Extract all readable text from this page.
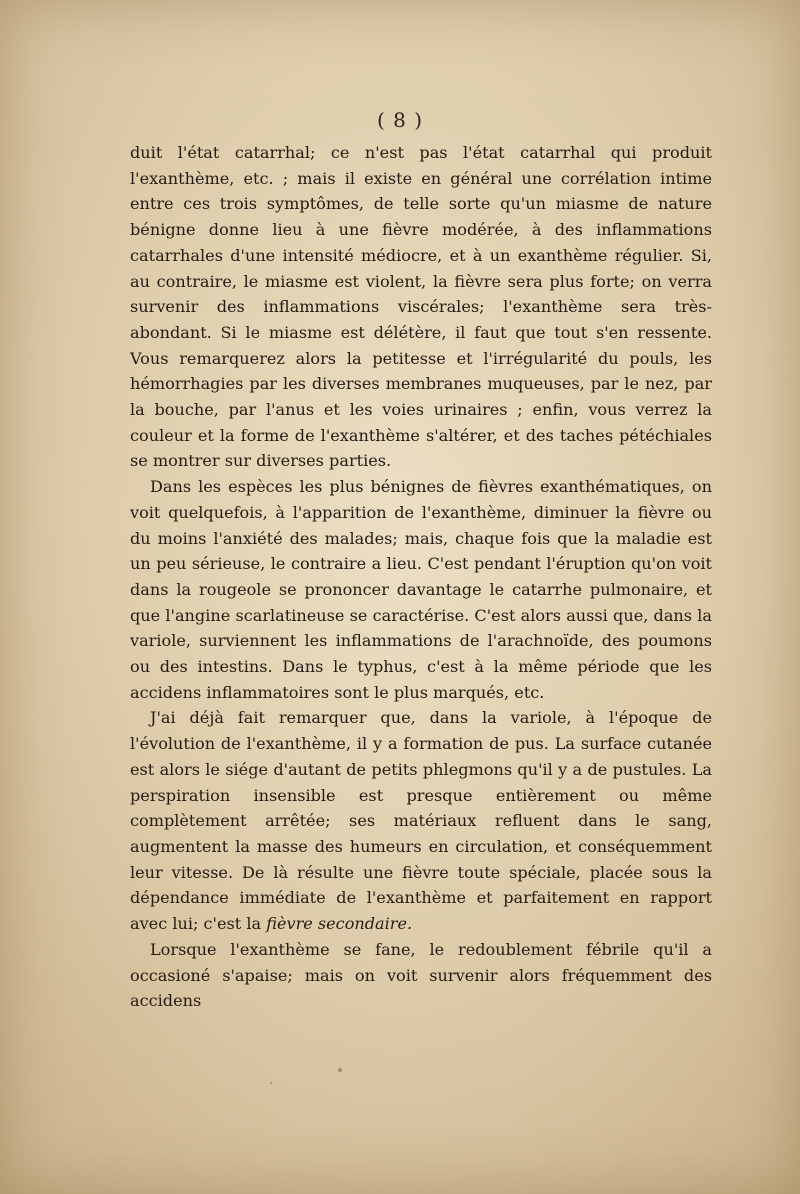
( 8 )

duit l'état catarrhal; ce n'est pas l'état catarrhal qui produit l'exanthème, etc. ; mais il existe en général une corrélation intime entre ces trois symptômes, de telle sorte qu'un miasme de nature bénigne donne lieu à une fièvre modérée, à des inflammations catarrhales d'une intensité médiocre, et à un exanthème régulier. Si, au contraire, le miasme est violent, la fièvre sera plus forte; on verra survenir des inflammations viscérales; l'exanthème sera très-abondant. Si le miasme est délétère, il faut que tout s'en ressente. Vous remarquerez alors la petitesse et l'irrégularité du pouls, les hémorrhagies par les diverses membranes muqueuses, par le nez, par la bouche, par l'anus et les voies urinaires ; enfin, vous verrez la couleur et la forme de l'exanthème s'altérer, et des taches pétéchiales se montrer sur diverses parties.

Dans les espèces les plus bénignes de fièvres exanthématiques, on voit quelquefois, à l'apparition de l'exanthème, diminuer la fièvre ou du moins l'anxiété des malades; mais, chaque fois que la maladie est un peu sérieuse, le contraire a lieu. C'est pendant l'éruption qu'on voit dans la rougeole se prononcer davantage le catarrhe pulmonaire, et que l'angine scarlatineuse se caractérise. C'est alors aussi que, dans la variole, surviennent les inflammations de l'arachnoïde, des poumons ou des intestins. Dans le typhus, c'est à la même période que les accidens inflammatoires sont le plus marqués, etc.

J'ai déjà fait remarquer que, dans la variole, à l'époque de l'évolution de l'exanthème, il y a formation de pus. La surface cutanée est alors le siége d'autant de petits phlegmons qu'il y a de pustules. La perspiration insensible est presque entièrement ou même complètement arrêtée; ses matériaux refluent dans le sang, augmentent la masse des humeurs en circulation, et conséquemment leur vitesse. De là résulte une fièvre toute spéciale, placée sous la dépendance immédiate de l'exanthème et parfaitement en rapport avec lui; c'est la fièvre secondaire.

Lorsque l'exanthème se fane, le redoublement fébrile qu'il a occasioné s'apaise; mais on voit survenir alors fréquemment des accidens
